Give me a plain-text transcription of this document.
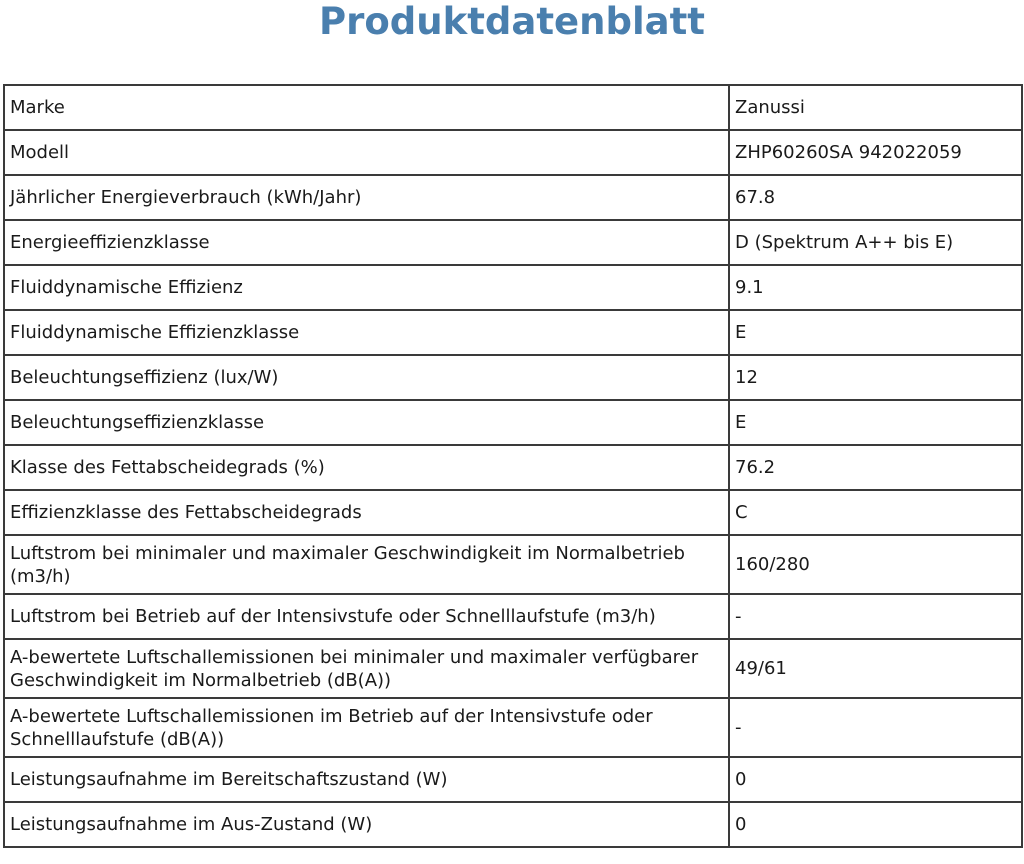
Produktdatenblatt
Marke	Zanussi
Modell	ZHP60260SA 942022059
Jährlicher Energieverbrauch (kWh/Jahr)	67.8
Energieeffizienzklasse	D (Spektrum A++ bis E)
Fluiddynamische Effizienz	9.1
Fluiddynamische Effizienzklasse	E
Beleuchtungseffizienz (lux/W)	12
Beleuchtungseffizienzklasse	E
Klasse des Fettabscheidegrads (%)	76.2
Effizienzklasse des Fettabscheidegrads	C
Luftstrom bei minimaler und maximaler Geschwindigkeit im Normalbetrieb (m3/h)	160/280
Luftstrom bei Betrieb auf der Intensivstufe oder Schnelllaufstufe (m3/h)	-
A-bewertete Luftschallemissionen bei minimaler und maximaler verfügbarer Geschwindigkeit im Normalbetrieb (dB(A))	49/61
A-bewertete Luftschallemissionen im Betrieb auf der Intensivstufe oder Schnelllaufstufe (dB(A))	-
Leistungsaufnahme im Bereitschaftszustand (W)	0
Leistungsaufnahme im Aus-Zustand (W)	0
